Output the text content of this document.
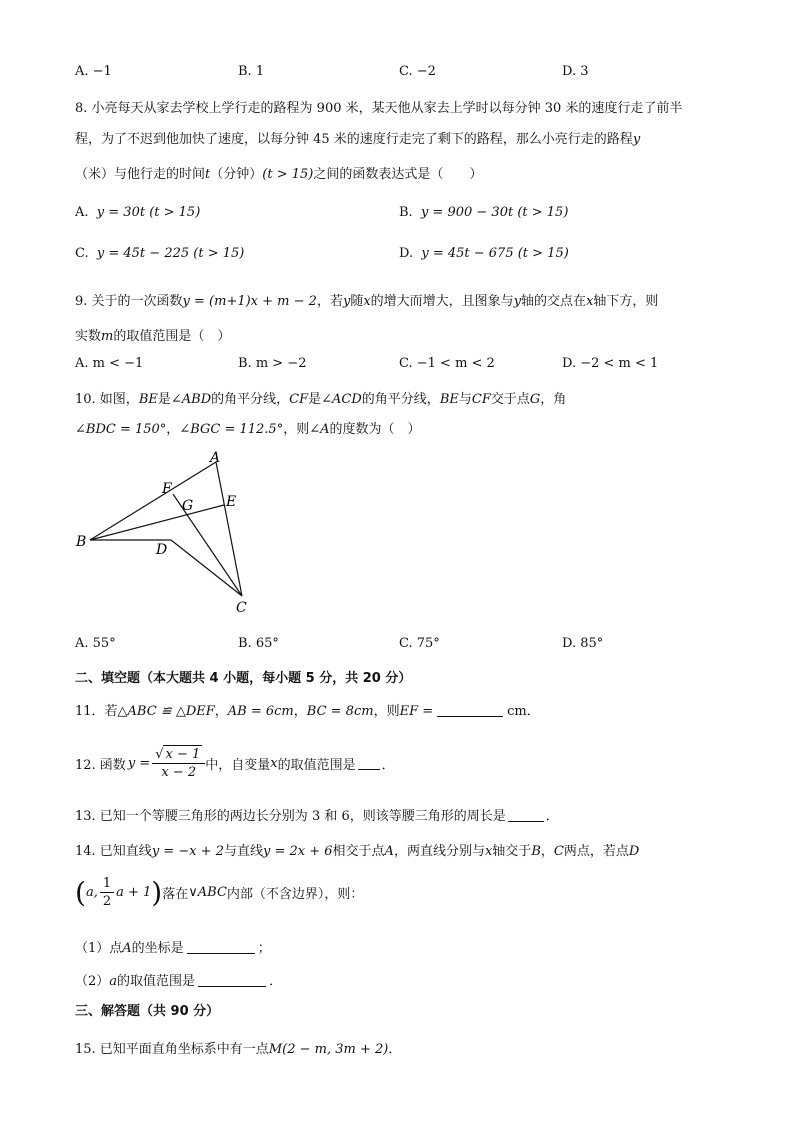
A. −1	B. 1	C. −2	D. 3
8. 小亮每天从家去学校上学行走的路程为 900 米，某天他从家去上学时以每分钟 30 米的速度行走了前半
程，为了不迟到他加快了速度，以每分钟 45 米的速度行走完了剩下的路程，那么小亮行走的路程y
（米）与他行走的时间t（分钟）(t > 15)之间的函数表达式是（　　）
A. y = 30t (t > 15)	B. y = 900 − 30t (t > 15)
C. y = 45t − 225 (t > 15)	D. y = 45t − 675 (t > 15)
9. 关于的一次函数y = (m+1)x + m − 2，若y随x的增大而增大，且图象与y轴的交点在x轴下方，则
实数m的取值范围是（　）
A. m < −1	B. m > −2	C. −1 < m < 2	D. −2 < m < 1
10. 如图，BE是∠ABD的角平分线，CF是∠ACD的角平分线，BE与CF交于点G，角
∠BDC = 150°，∠BGC = 112.5°，则∠A的度数为（　）
A
F
G E
B	D
C
A. 55°	B. 65°	C. 75°	D. 85°
二、填空题（本大题共 4 小题，每小题 5 分，共 20 分）
11．若△ABC ≌ △DEF，AB = 6cm，BC = 8cm，则EF =	cm．
12. 函数 $y = \frac{√ x - 1}{x - 2}$ 中，自变量 x 的取值范围是 ．
13. 已知一个等腰三角形的两边长分别为 3 和 6，则该等腰三角形的周长是	．
14. 已知直线y = −x + 2与直线y = 2x + 6相交于点A，两直线分别与x轴交于B，C两点，若点D
( a, $\frac{1}{2}$ a + 1 ) 落在 ∨ABC 内部（不含边界），则：
（1）点A的坐标是	；
（2）a的取值范围是	．
三、解答题（共 90 分）
15. 已知平面直角坐标系中有一点M(2 − m, 3m + 2)．
